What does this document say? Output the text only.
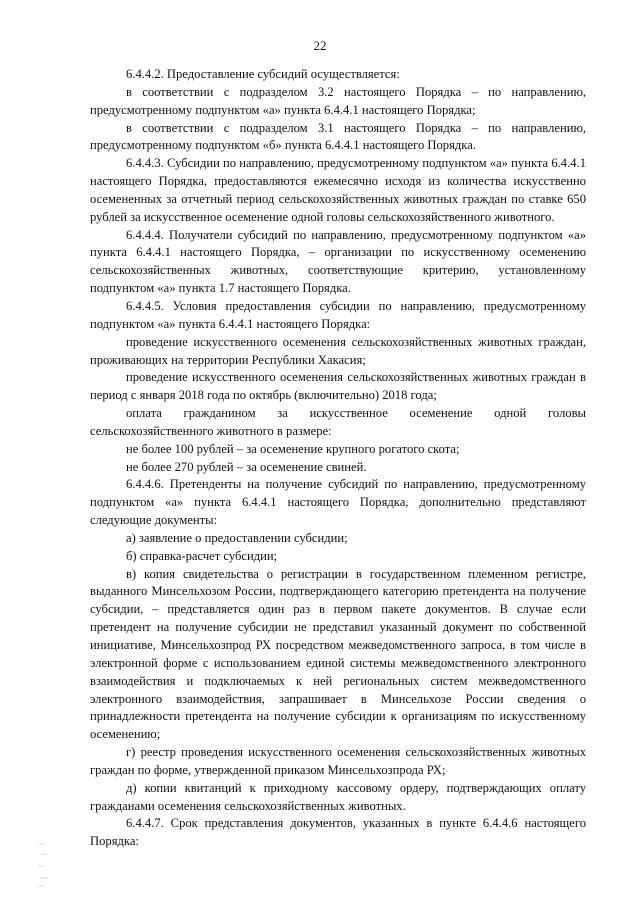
22

6.4.4.2. Предоставление субсидий осуществляется:

в соответствии с подразделом 3.2 настоящего Порядка – по направлению, предусмотренному подпунктом «а» пункта 6.4.4.1 настоящего Порядка;

в соответствии с подразделом 3.1 настоящего Порядка – по направлению, предусмотренному подпунктом «б» пункта 6.4.4.1 настоящего Порядка.

6.4.4.3. Субсидии по направлению, предусмотренному подпунктом «а» пункта 6.4.4.1 настоящего Порядка, предоставляются ежемесячно исходя из количества искусственно осемененных за отчетный период сельскохозяйственных животных граждан по ставке 650 рублей за искусственное осеменение одной головы сельскохозяйственного животного.

6.4.4.4. Получатели субсидий по направлению, предусмотренному подпунктом «а» пункта 6.4.4.1 настоящего Порядка, – организации по искусственному осеменению сельскохозяйственных животных, соответствующие критерию, установленному подпунктом «а» пункта 1.7 настоящего Порядка.

6.4.4.5. Условия предоставления субсидии по направлению, предусмотренному подпунктом «а» пункта 6.4.4.1 настоящего Порядка:

проведение искусственного осеменения сельскохозяйственных животных граждан, проживающих на территории Республики Хакасия;

проведение искусственного осеменения сельскохозяйственных животных граждан в период с января 2018 года по октябрь (включительно) 2018 года;

оплата гражданином за искусственное осеменение одной головы сельскохозяйственного животного в размере:

не более 100 рублей – за осеменение крупного рогатого скота;

не более 270 рублей – за осеменение свиней.

6.4.4.6. Претенденты на получение субсидий по направлению, предусмотренному подпунктом «а» пункта 6.4.4.1 настоящего Порядка, дополнительно представляют следующие документы:

а) заявление о предоставлении субсидии;

б) справка-расчет субсидии;

в) копия свидетельства о регистрации в государственном племенном регистре, выданного Минсельхозом России, подтверждающего категорию претендента на получение субсидии, – представляется один раз в первом пакете документов. В случае если претендент на получение субсидии не представил указанный документ по собственной инициативе, Минсельхозпрод РХ посредством межведомственного запроса, в том числе в электронной форме с использованием единой системы межведомственного электронного взаимодействия и подключаемых к ней региональных систем межведомственного электронного взаимодействия, запрашивает в Минсельхозе России сведения о принадлежности претендента на получение субсидии к организациям по искусственному осеменению;

г) реестр проведения искусственного осеменения сельскохозяйственных животных граждан по форме, утвержденной приказом Минсельхозпрода РХ;

д) копии квитанций к приходному кассовому ордеру, подтверждающих оплату гражданами осеменения сельскохозяйственных животных.

6.4.4.7. Срок представления документов, указанных в пункте 6.4.4.6 настоящего Порядка:
